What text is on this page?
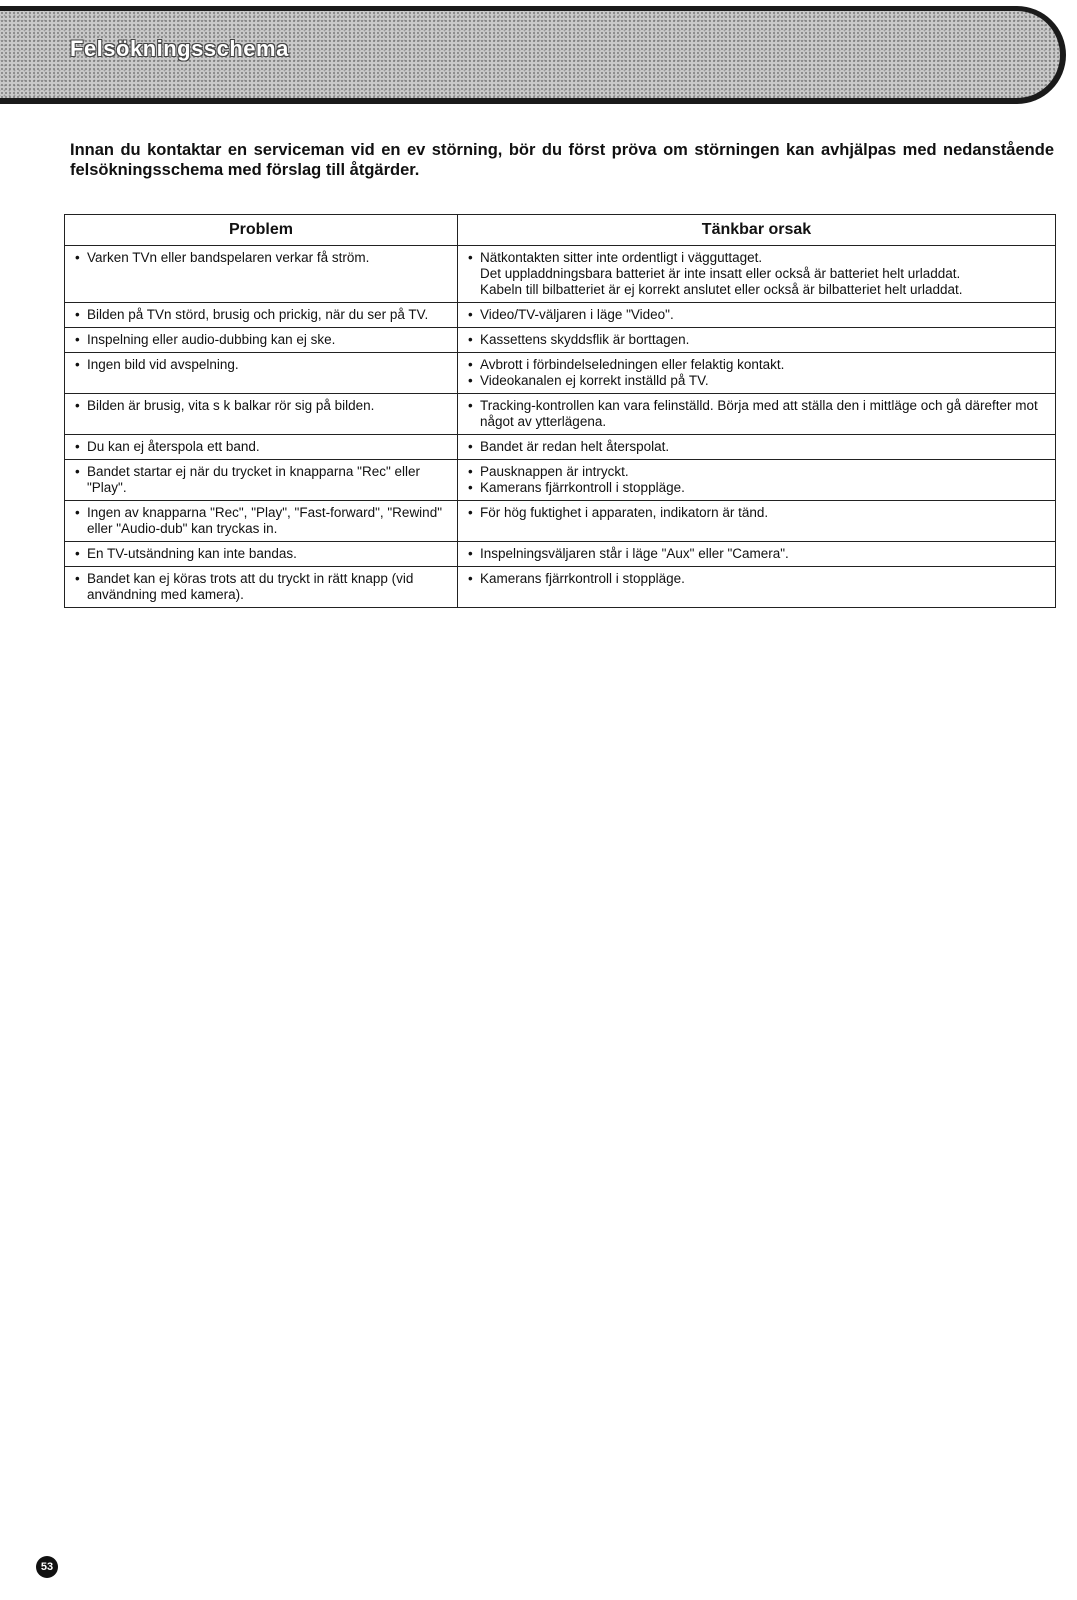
Felsökningsschema

Innan du kontaktar en serviceman vid en ev störning, bör du först pröva om störningen kan avhjälpas med nedanstående felsökningsschema med förslag till åtgärder.

Problem	Tänkbar orsak

• Varken TVn eller bandspelaren verkar få ström.	• Nätkontakten sitter inte ordentligt i vägguttaget.
Det uppladdningsbara batteriet är inte insatt eller också är batteriet helt urladdat.
Kabeln till bilbatteriet är ej korrekt anslutet eller också är bilbatteriet helt urladdat.

• Bilden på TVn störd, brusig och prickig, när du ser på TV.	• Video/TV-väljaren i läge "Video".

• Inspelning eller audio-dubbing kan ej ske.	• Kassettens skyddsflik är borttagen.

• Ingen bild vid avspelning.	• Avbrott i förbindelseledningen eller felaktig kontakt.
• Videokanalen ej korrekt inställd på TV.

• Bilden är brusig, vita s k balkar rör sig på bilden.	• Tracking-kontrollen kan vara felinställd. Börja med att ställa den i mittläge och gå därefter mot något av ytterlägena.

• Du kan ej återspola ett band.	• Bandet är redan helt återspolat.

• Bandet startar ej när du trycket in knapparna "Rec" eller "Play".	• Pausknappen är intryckt.
• Kamerans fjärrkontroll i stoppläge.

• Ingen av knapparna "Rec", "Play", "Fast-forward", "Rewind" eller "Audio-dub" kan tryckas in.	• För hög fuktighet i apparaten, indikatorn är tänd.

• En TV-utsändning kan inte bandas.	• Inspelningsväljaren står i läge "Aux" eller "Camera".

• Bandet kan ej köras trots att du tryckt in rätt knapp (vid användning med kamera).	• Kamerans fjärrkontroll i stoppläge.
53
